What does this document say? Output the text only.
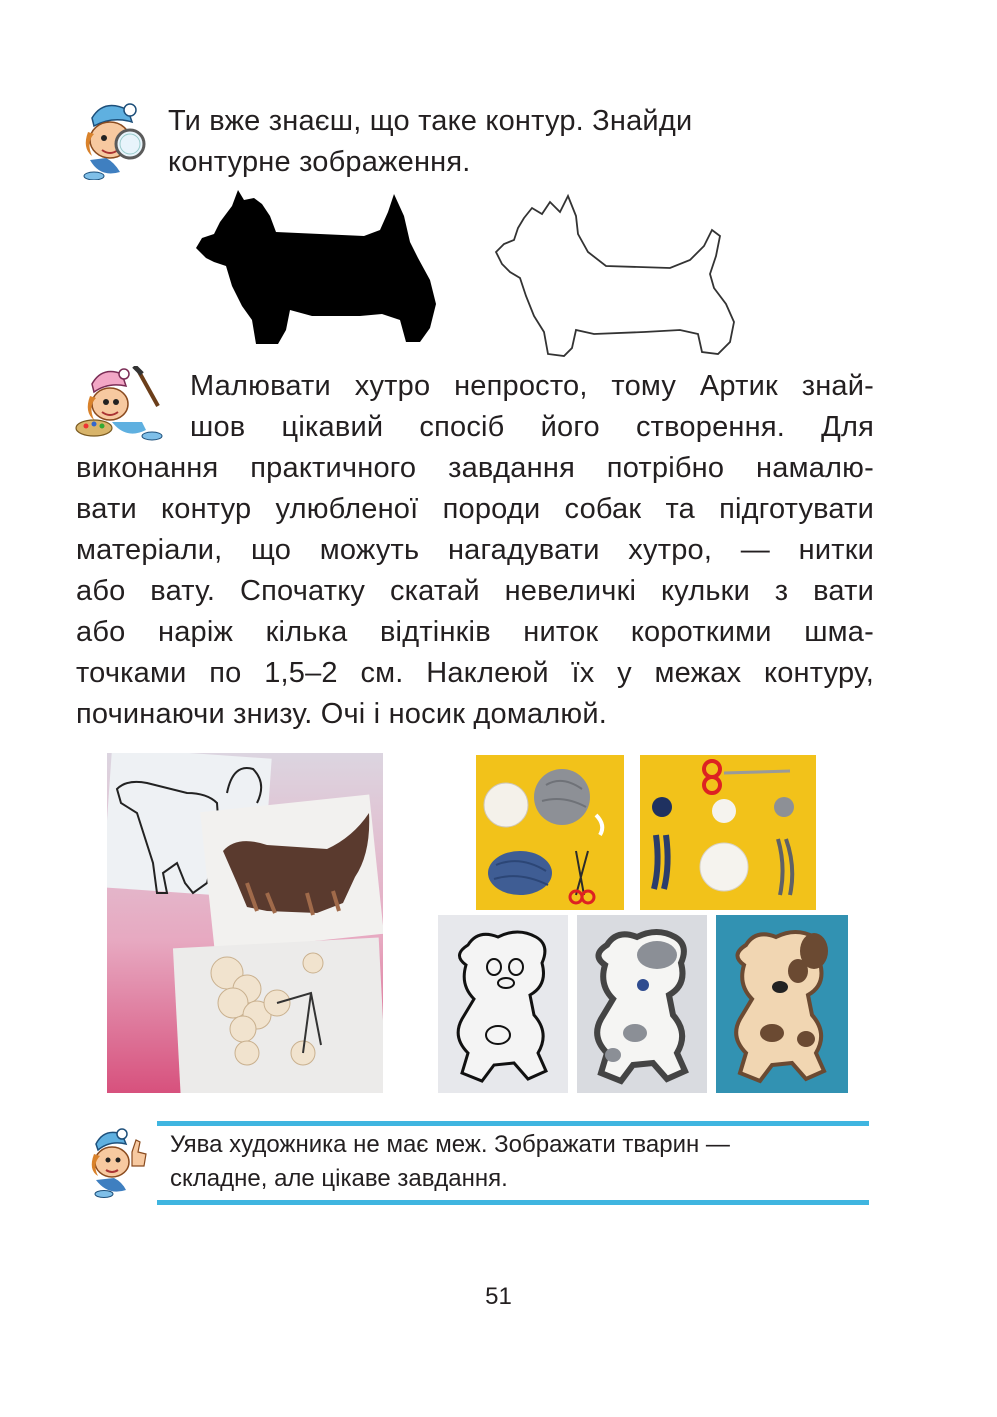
Ти вже знаєш, що таке контур. Знайди
контурне зображення.
Малювати хутро непросто, тому Артик знай-
шов цікавий спосіб його створення. Для
виконання практичного завдання потрібно намалю-
вати контур улюбленої породи собак та підготувати
матеріали, що можуть нагадувати хутро, — нитки
або вату. Спочатку скатай невеличкі кульки з вати
або наріж кілька відтінків ниток короткими шма-
точками по 1,5–2 см. Наклеюй їх у межах контуру,
починаючи знизу. Очі і носик домалюй.
Уява художника не має меж. Зображати тварин —
складне, але цікаве завдання.
51
